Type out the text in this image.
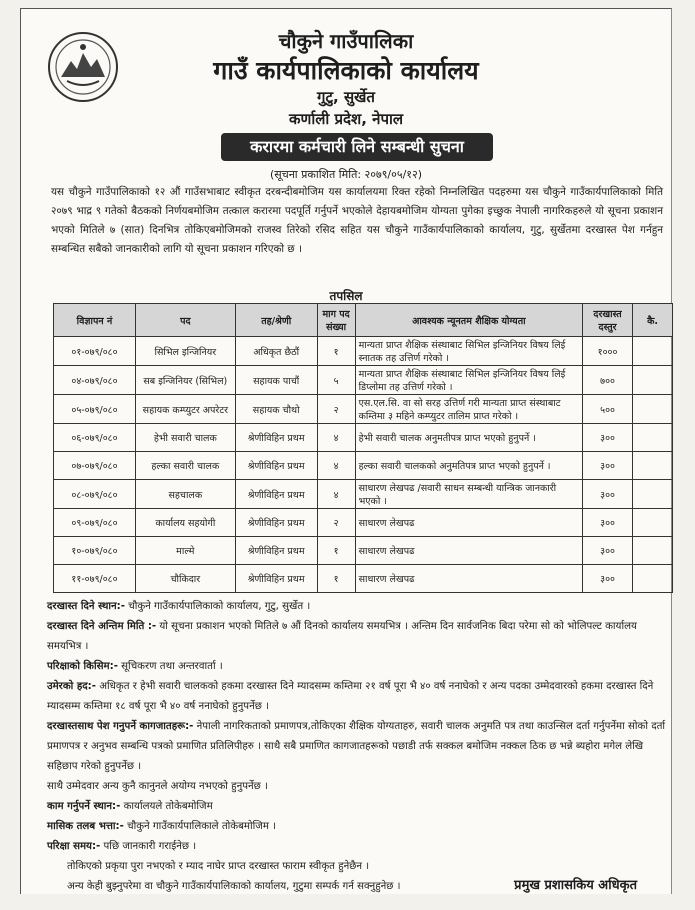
चौकुने गाउँपालिका
गाउँ कार्यपालिकाको कार्यालय
गुटु, सुर्खेत
कर्णाली प्रदेश, नेपाल
करारमा कर्मचारी लिने सम्बन्धी सुचना
(सूचना प्रकाशित मिति: २०७९/०५/१२)
यस चौकुने गाउँपालिकाको १२ औं गाउँसभाबाट स्वीकृत दरबन्दीबमोजिम यस कार्यालयमा रिक्त रहेको निम्नलिखित पदहरुमा यस चौकुने गाउँकार्यपालिकाको मिति २०७९ भाद्र ९ गतेको बैठकको निर्णयबमोजिम तत्काल करारमा पदपूर्ति गर्नुपर्ने भएकोले देहायबमोजिम योग्यता पुगेका इच्छुक नेपाली नागरिकहरुले यो सूचना प्रकाशन भएको मितिले ७ (सात) दिनभित्र तोकिएबमोजिमको राजस्व तिरेको रसिद सहित यस चौकुने गाउँकार्यपालिकाको कार्यालय, गुटु, सुर्खेतमा दरखास्त पेश गर्नहुन सम्बन्धित सबैको जानकारीको लागि यो सूचना प्रकाशन गरिएको छ ।
तपसिल
विज्ञापन नं	पद	तह/श्रेणी	माग पद संख्या	आवश्यक न्यूनतम शैक्षिक योग्यता	दरखास्त दस्तुर	कै.
०१-०७९/०८०	सिभिल इन्जिनियर	अधिकृत छैठौं	१	मान्यता प्राप्त शैक्षिक संस्थाबाट सिभिल इन्जिनियर विषय लिई स्नातक तह उत्तिर्ण गरेको ।	१०००	
०४-०७९/०८०	सब इन्जिनियर (सिभिल)	सहायक पाचौं	५	मान्यता प्राप्त शैक्षिक संस्थाबाट सिभिल इन्जिनियर विषय लिई डिप्लोमा तह उत्तिर्ण गरेको ।	७००	
०५-०७९/०८०	सहायक कम्प्युटर अपरेटर	सहायक चौथो	२	एस.एल.सि. वा सो सरह उत्तिर्ण गरी मान्यता प्राप्त संस्थाबाट कम्तिमा ३ महिने कम्प्युटर तालिम प्राप्त गरेको ।	५००	
०६-०७९/०८०	हेभी सवारी चालक	श्रेणीविहिन प्रथम	४	हेभी सवारी चालक अनुमतीपत्र प्राप्त भएको हुनुपर्ने ।	३००	
०७-०७९/०८०	हल्का सवारी चालक	श्रेणीविहिन प्रथम	४	हल्का सवारी चालकको अनुमतिपत्र प्राप्त भएको हुनुपर्ने ।	३००	
०८-०७९/०८०	सहचालक	श्रेणीविहिन प्रथम	४	साधारण लेखपढ /सवारी साधन सम्बन्धी यान्त्रिक जानकारी भएको ।	३००	
०९-०७९/०८०	कार्यालय सहयोगी	श्रेणीविहिन प्रथम	२	साधारण लेखपढ	३००	
१०-०७९/०८०	माल्मे	श्रेणीविहिन प्रथम	१	साधारण लेखपढ	३००	
११-०७९/०८०	चौकिदार	श्रेणीविहिन प्रथम	१	साधारण लेखपढ	३००	

दरखास्त दिने स्थान:- चौकुने गाउँकार्यपालिकाको कार्यालय, गुटु, सुर्खेत ।

दरखास्त दिने अन्तिम मिति :- यो सूचना प्रकाशन भएको मितिले ७ औं दिनको कार्यालय समयभित्र । अन्तिम दिन सार्वजनिक बिदा परेमा सो को भोलिपल्ट कार्यालय समयभित्र ।

परिक्षाको किसिम:- सूचिकरण तथा अन्तरवार्ता ।

उमेरको हद:- अधिकृत र हेभी सवारी चालकको हकमा दरखास्त दिने म्यादसम्म कम्तिमा २१ वर्ष पूरा भै ४० वर्ष ननाघेको र अन्य पदका उम्मेदवारको हकमा दरखास्त दिने म्यादसम्म कम्तिमा १८ वर्ष पूरा भै ४० वर्ष ननाघेको हुनुपर्नेछ ।

दरखास्तसाथ पेश गनुपर्ने कागजातहरू:- नेपाली नागरिकताको प्रमाणपत्र,तोकिएका शैक्षिक योग्यताहरु, सवारी चालक अनुमति पत्र तथा काउन्सिल दर्ता गर्नुपर्नेमा सोको दर्ता प्रमाणपत्र र अनुभव सम्बन्धि पत्रको प्रमाणित प्रतिलिपीहरु । साथै सबै प्रमाणित कागजातहरूको पछाडी तर्फ सक्कल बमोजिम नक्कल ठिक छ भन्ने ब्यहोरा मगेल लेखि सहिछाप गरेको हुनुपर्नेछ ।

साथै उम्मेदवार अन्य कुनै कानुनले अयोग्य नभएको हुनुपर्नेछ ।

काम गर्नुपर्ने स्थान:- कार्यालयले तोकेबमोजिम

मासिक तलब भत्ता:- चौकुने गाउँकार्यपालिकाले तोकेबमोजिम ।

परिक्षा समय:- पछि जानकारी गराईनेछ ।

तोकिएको प्रकृया पुरा नभएको र म्याद नाघेर प्राप्त दरखास्त फाराम स्वीकृत हुनेछैन ।

अन्य केही बुझ्नुपरेमा वा चौकुने गाउँकार्यपालिकाको कार्यालय, गुटुमा सम्पर्क गर्न सक्नुहुनेछ ।	प्रमुख प्रशासकिय अधिकृत
